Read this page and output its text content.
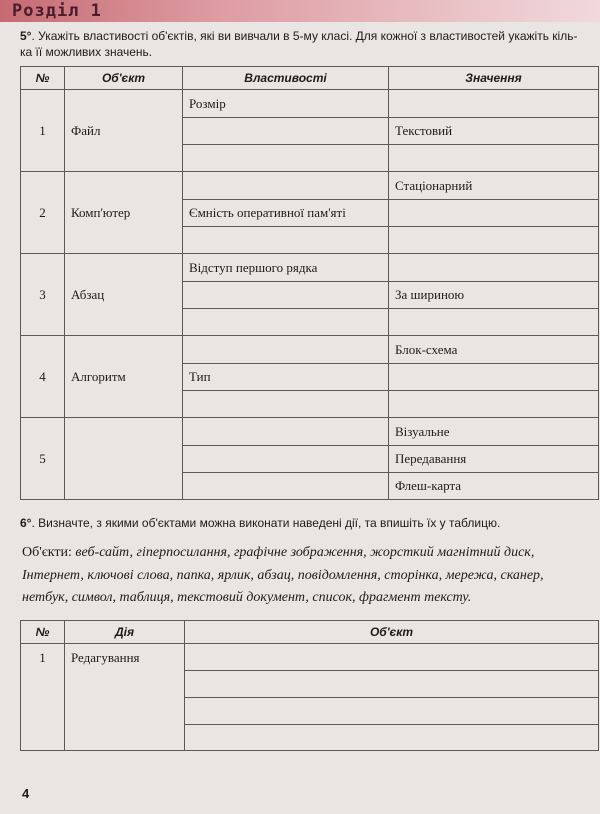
Розділ 1
5°. Укажіть властивості об'єктів, які ви вивчали в 5-му класі. Для кожної з властивостей укажіть кіль-
ка її можливих значень.
№	Об'єкт	Властивості	Значення
1	Файл	Розмір	
			Текстовий

2	Комп'ютер		Стаціонарний
		Ємність оперативної пам'яті	

3	Абзац	Відступ першого рядка	
			За шириною

4	Алгоритм		Блок-схема
		Тип	

5			Візуальне
			Передавання
			Флеш-карта
6°. Визначте, з якими об'єктами можна виконати наведені дії, та впишіть їх у таблицю.
Об'єкти: веб-сайт, гіперпосилання, графічне зображення, жорсткий магнітний диск,
Інтернет, ключові слова, папка, ярлик, абзац, повідомлення, сторінка, мережа, сканер,
нетбук, символ, таблиця, текстовий документ, список, фрагмент тексту.
№	Дія	Об'єкт
1	Редагування	

4
